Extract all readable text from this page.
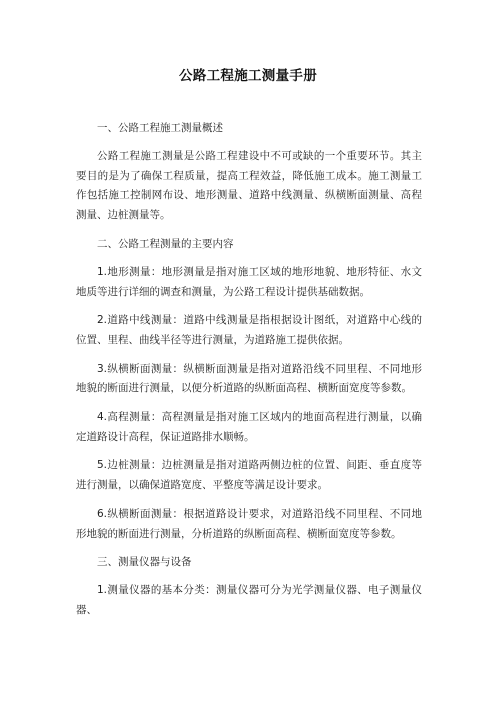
公路工程施工测量手册
一、公路工程施工测量概述
公路工程施工测量是公路工程建设中不可或缺的一个重要环节。其主要目的是为了确保工程质量，提高工程效益，降低施工成本。施工测量工作包括施工控制网布设、地形测量、道路中线测量、纵横断面测量、高程测量、边桩测量等。
二、公路工程测量的主要内容
1.地形测量：地形测量是指对施工区域的地形地貌、地形特征、水文地质等进行详细的调查和测量，为公路工程设计提供基础数据。
2.道路中线测量：道路中线测量是指根据设计图纸，对道路中心线的位置、里程、曲线半径等进行测量，为道路施工提供依据。
3.纵横断面测量：纵横断面测量是指对道路沿线不同里程、不同地形地貌的断面进行测量，以便分析道路的纵断面高程、横断面宽度等参数。
4.高程测量：高程测量是指对施工区域内的地面高程进行测量，以确定道路设计高程，保证道路排水顺畅。
5.边桩测量：边桩测量是指对道路两侧边桩的位置、间距、垂直度等进行测量，以确保道路宽度、平整度等满足设计要求。
6.纵横断面测量：根据道路设计要求，对道路沿线不同里程、不同地形地貌的断面进行测量，分析道路的纵断面高程、横断面宽度等参数。
三、测量仪器与设备
1.测量仪器的基本分类：测量仪器可分为光学测量仪器、电子测量仪器、
